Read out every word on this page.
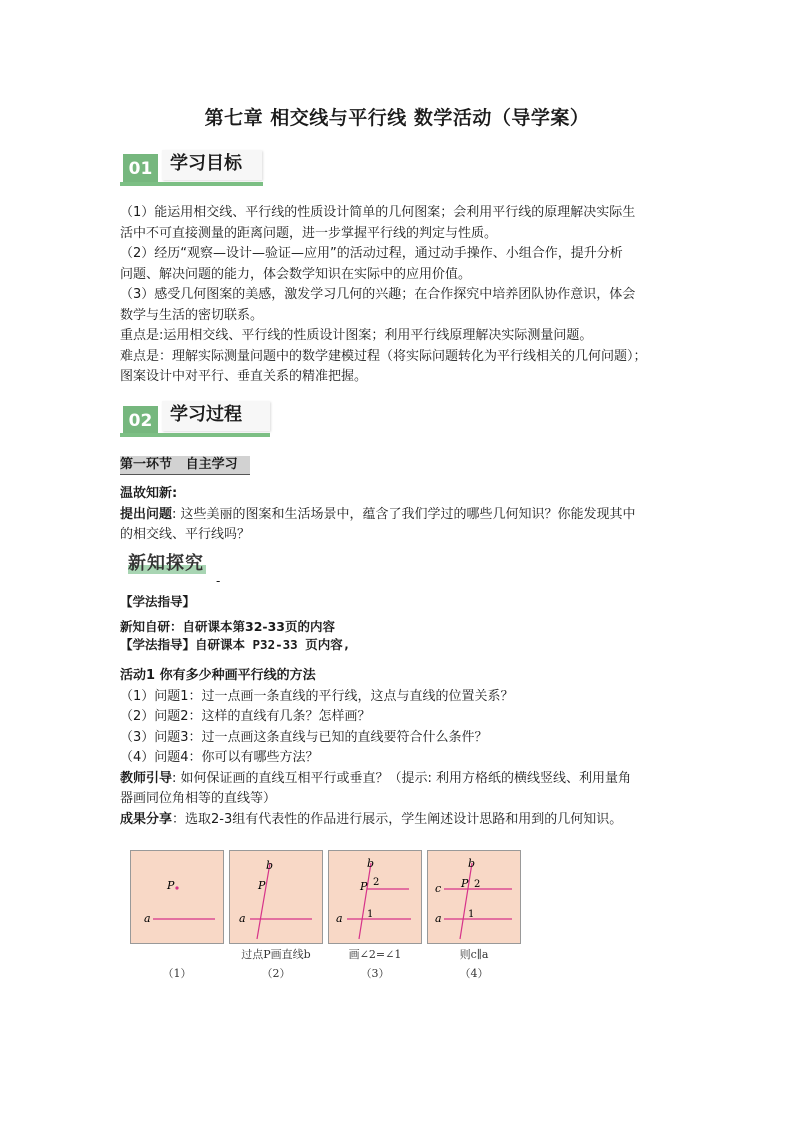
第七章 相交线与平行线 数学活动（导学案）
01 学习目标
（1）能运用相交线、平行线的性质设计简单的几何图案；会利用平行线的原理解决实际生
活中不可直接测量的距离问题，进一步掌握平行线的判定与性质。
（2）经历“观察—设计—验证—应用”的活动过程，通过动手操作、小组合作，提升分析
问题、解决问题的能力，体会数学知识在实际中的应用价值。
（3）感受几何图案的美感，激发学习几何的兴趣；在合作探究中培养团队协作意识，体会
数学与生活的密切联系。
重点是:运用相交线、平行线的性质设计图案；利用平行线原理解决实际测量问题。
难点是：理解实际测量问题中的数学建模过程（将实际问题转化为平行线相关的几何问题）；
图案设计中对平行、垂直关系的精准把握。
02 学习过程
第一环节   自主学习
温故知新:
提出问题: 这些美丽的图案和生活场景中，蕴含了我们学过的哪些几何知识？你能发现其中
的相交线、平行线吗？
新知探究
-
【学法指导】
新知自研：自研课本第32-33页的内容
【学法指导】自研课本 P32-33 页内容,
活动1 你有多少种画平行线的方法
（1）问题1：过一点画一条直线的平行线，这点与直线的位置关系？
（2）问题2：这样的直线有几条？怎样画？
（3）问题3：过一点画这条直线与已知的直线要符合什么条件？
（4）问题4：你可以有哪些方法？
教师引导: 如何保证画的直线互相平行或垂直？（提示: 利用方格纸的横线竖线、利用量角
器画同位角相等的直线等）
成果分享：选取2-3组有代表性的作品进行展示，学生阐述设计思路和用到的几何知识。
P
a
b
P
a
b
P 2
1
a
b
c P 2
1
a
过点P画直线b	画∠2=∠1	则c∥a
（1）	（2）	（3）	（4）
